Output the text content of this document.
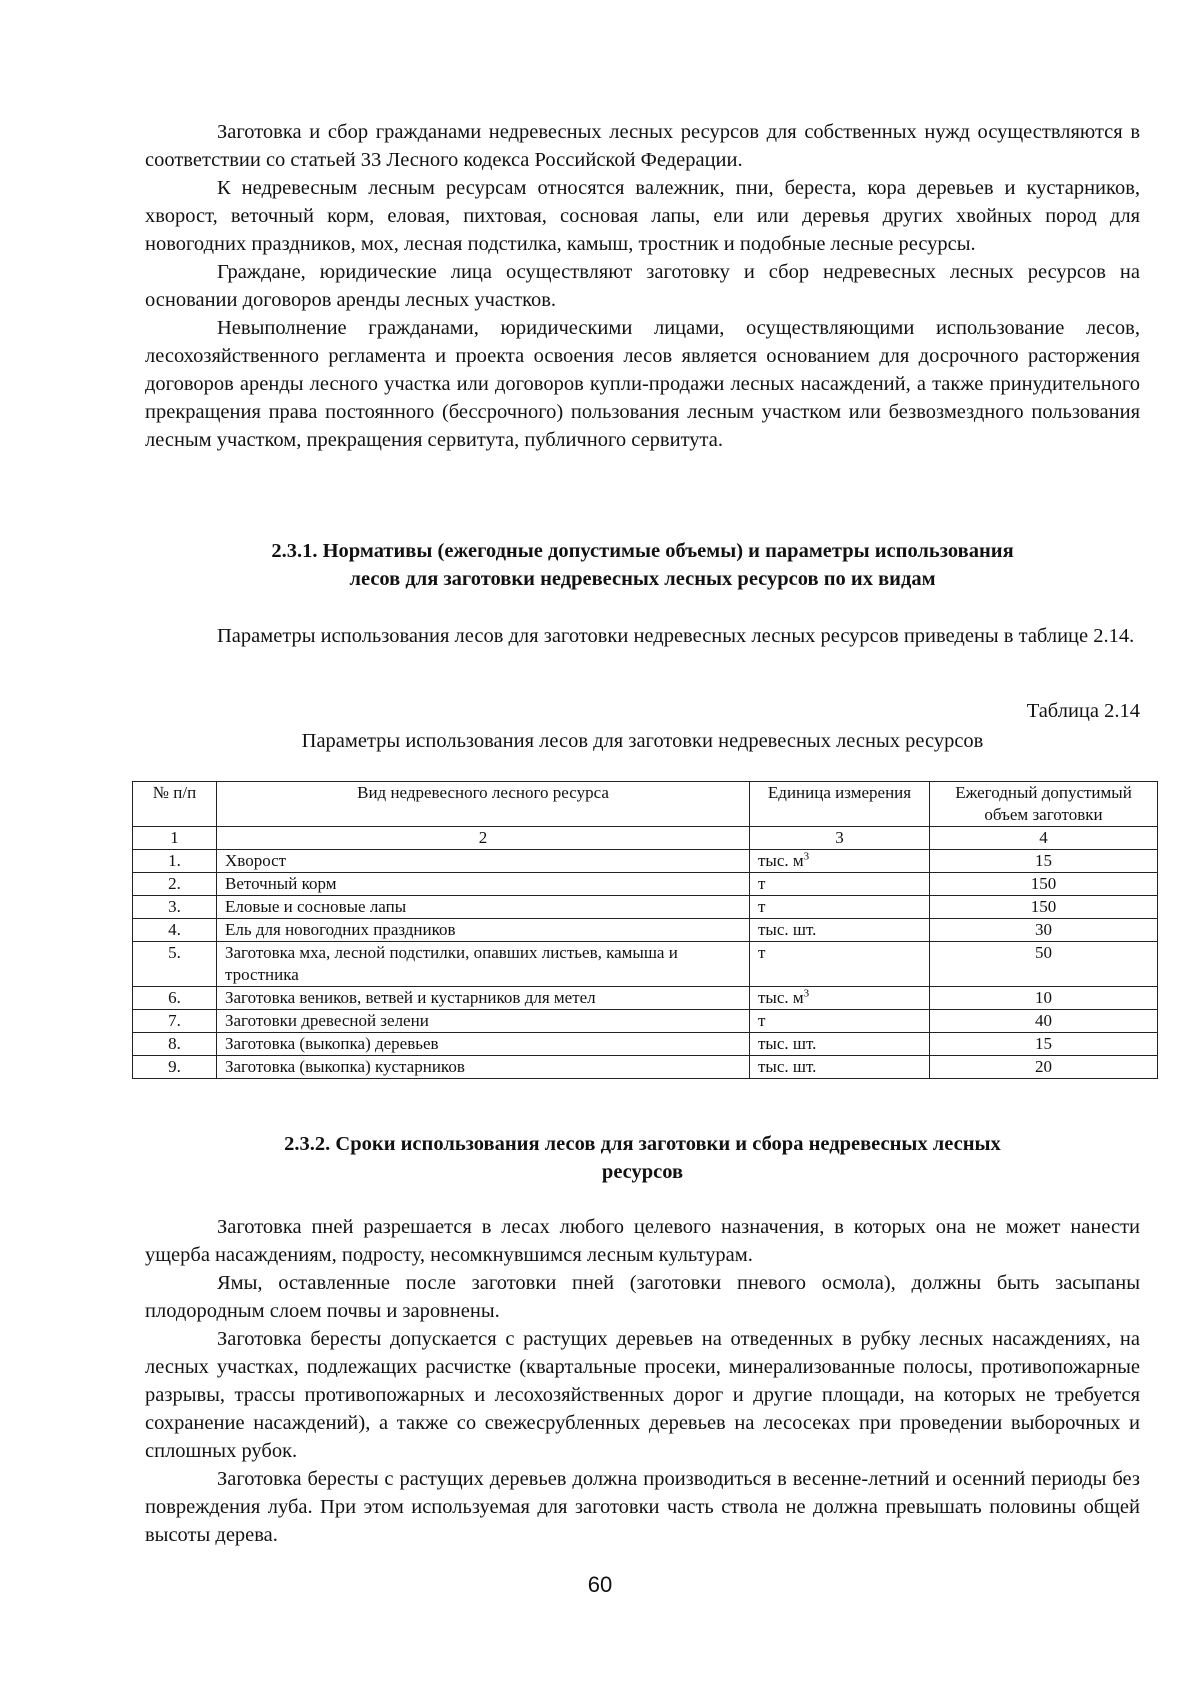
Заготовка и сбор гражданами недревесных лесных ресурсов для собственных нужд осуществляются в соответствии со статьей 33 Лесного кодекса Российской Федерации.

К недревесным лесным ресурсам относятся валежник, пни, береста, кора деревьев и кустарников, хворост, веточный корм, еловая, пихтовая, сосновая лапы, ели или деревья других хвойных пород для новогодних праздников, мох, лесная подстилка, камыш, тростник и подобные лесные ресурсы.

Граждане, юридические лица осуществляют заготовку и сбор недревесных лесных ресурсов на основании договоров аренды лесных участков.

Невыполнение гражданами, юридическими лицами, осуществляющими использование лесов, лесохозяйственного регламента и проекта освоения лесов является основанием для досрочного расторжения договоров аренды лесного участка или договоров купли-продажи лесных насаждений, а также принудительного прекращения права постоянного (бессрочного) пользования лесным участком или безвозмездного пользования лесным участком, прекращения сервитута, публичного сервитута.

2.3.1. Нормативы (ежегодные допустимые объемы) и параметры использования
лесов для заготовки недревесных лесных ресурсов по их видам

Параметры использования лесов для заготовки недревесных лесных ресурсов приведены в таблице 2.14.

Таблица 2.14
Параметры использования лесов для заготовки недревесных лесных ресурсов
№ п/п	Вид недревесного лесного ресурса	Единица измерения	Ежегодный допустимый объем заготовки
1	2	3	4
1.	Хворост	тыс. $м^3$	15
2.	Веточный корм	т	150
3.	Еловые и сосновые лапы	т	150
4.	Ель для новогодних праздников	тыс. шт.	30
5.	Заготовка мха, лесной подстилки, опавших листьев, камыша и тростника	т	50
6.	Заготовка веников, ветвей и кустарников для метел	тыс. $м^3$	10
7.	Заготовки древесной зелени	т	40
8.	Заготовка (выкопка) деревьев	тыс. шт.	15
9.	Заготовка (выкопка) кустарников	тыс. шт.	20
2.3.2. Сроки использования лесов для заготовки и сбора недревесных лесных
ресурсов

Заготовка пней разрешается в лесах любого целевого назначения, в которых она не может нанести ущерба насаждениям, подросту, несомкнувшимся лесным культурам.

Ямы, оставленные после заготовки пней (заготовки пневого осмола), должны быть засыпаны плодородным слоем почвы и заровнены.

Заготовка бересты допускается с растущих деревьев на отведенных в рубку лесных насаждениях, на лесных участках, подлежащих расчистке (квартальные просеки, минерализованные полосы, противопожарные разрывы, трассы противопожарных и лесохозяйственных дорог и другие площади, на которых не требуется сохранение насаждений), а также со свежесрубленных деревьев на лесосеках при проведении выборочных и сплошных рубок.

Заготовка бересты с растущих деревьев должна производиться в весенне-летний и осенний периоды без повреждения луба. При этом используемая для заготовки часть ствола не должна превышать половины общей высоты дерева.

60
